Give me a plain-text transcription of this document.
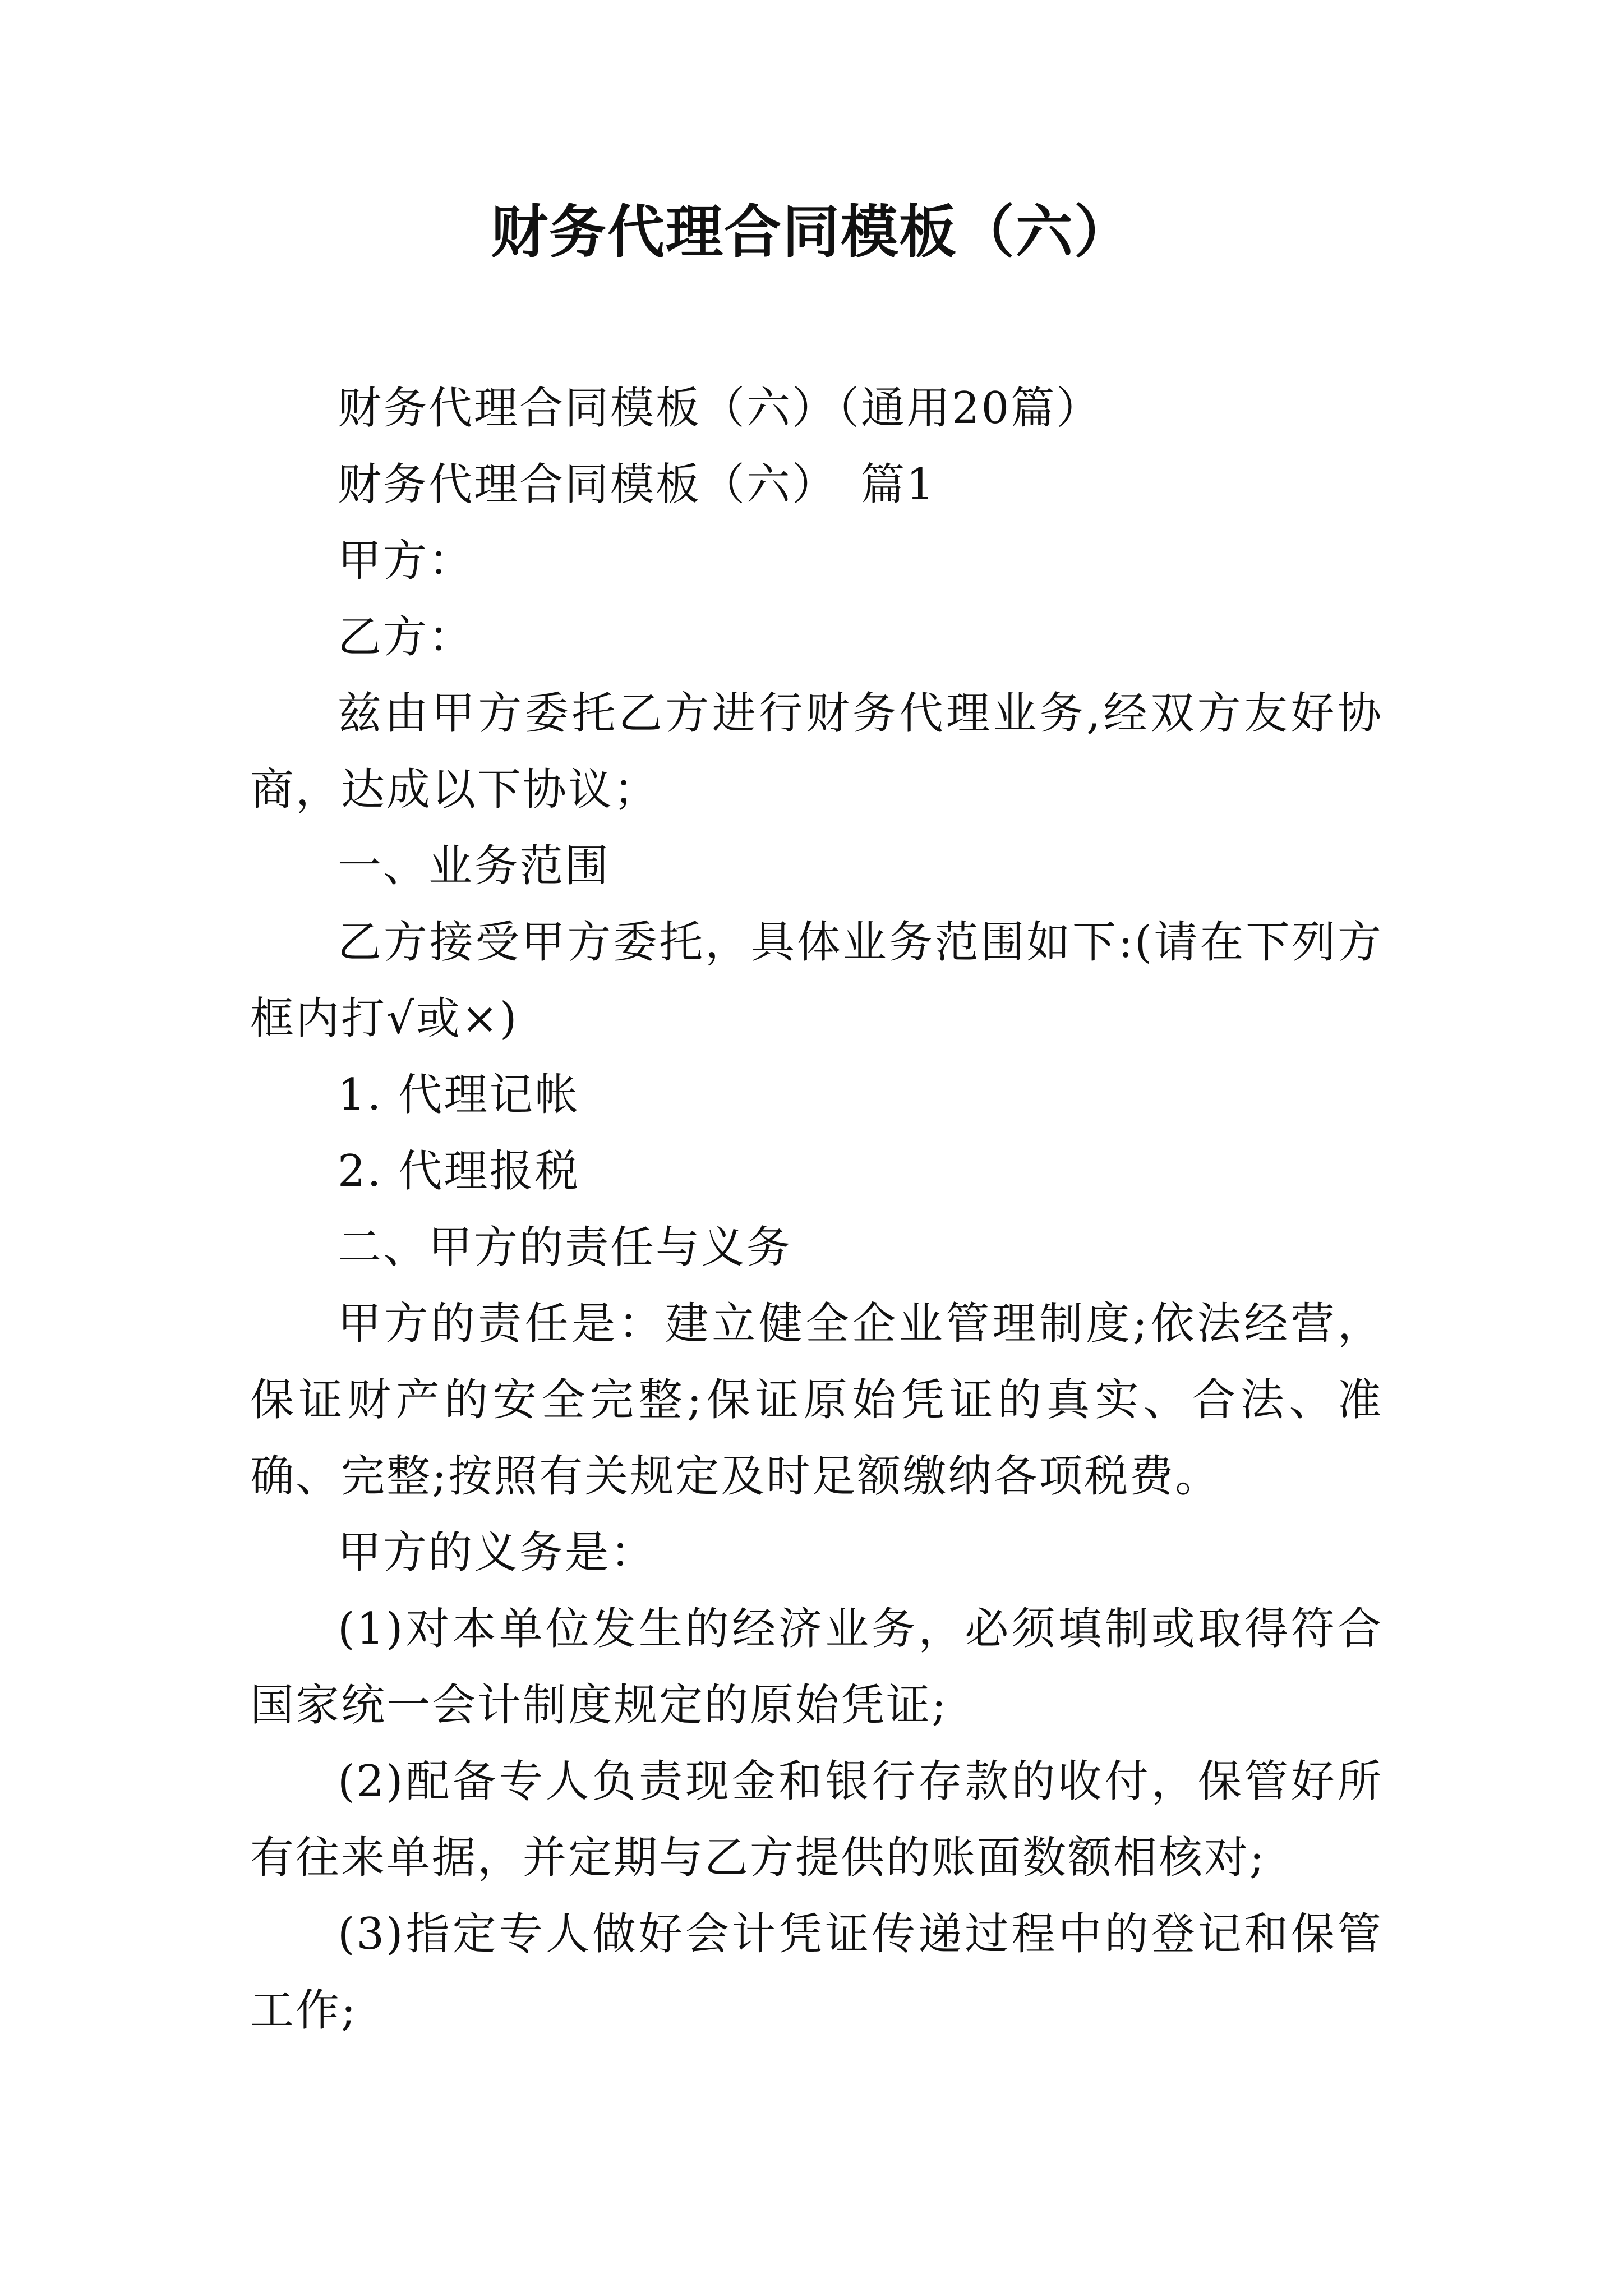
财务代理合同模板（六）

财务代理合同模板（六）（通用20篇）

财务代理合同模板（六）　篇1

甲方：

乙方：

兹由甲方委托乙方进行财务代理业务,经双方友好协商，达成以下协议；

一、业务范围

乙方接受甲方委托，具体业务范围如下:(请在下列方框内打√或×)

1. 代理记帐

2. 代理报税

二、甲方的责任与义务

甲方的责任是：建立健全企业管理制度;依法经营，保证财产的安全完整;保证原始凭证的真实、合法、准确、完整;按照有关规定及时足额缴纳各项税费。

甲方的义务是：

(1)对本单位发生的经济业务，必须填制或取得符合国家统一会计制度规定的原始凭证;

(2)配备专人负责现金和银行存款的收付，保管好所有往来单据，并定期与乙方提供的账面数额相核对;

(3)指定专人做好会计凭证传递过程中的登记和保管工作;
